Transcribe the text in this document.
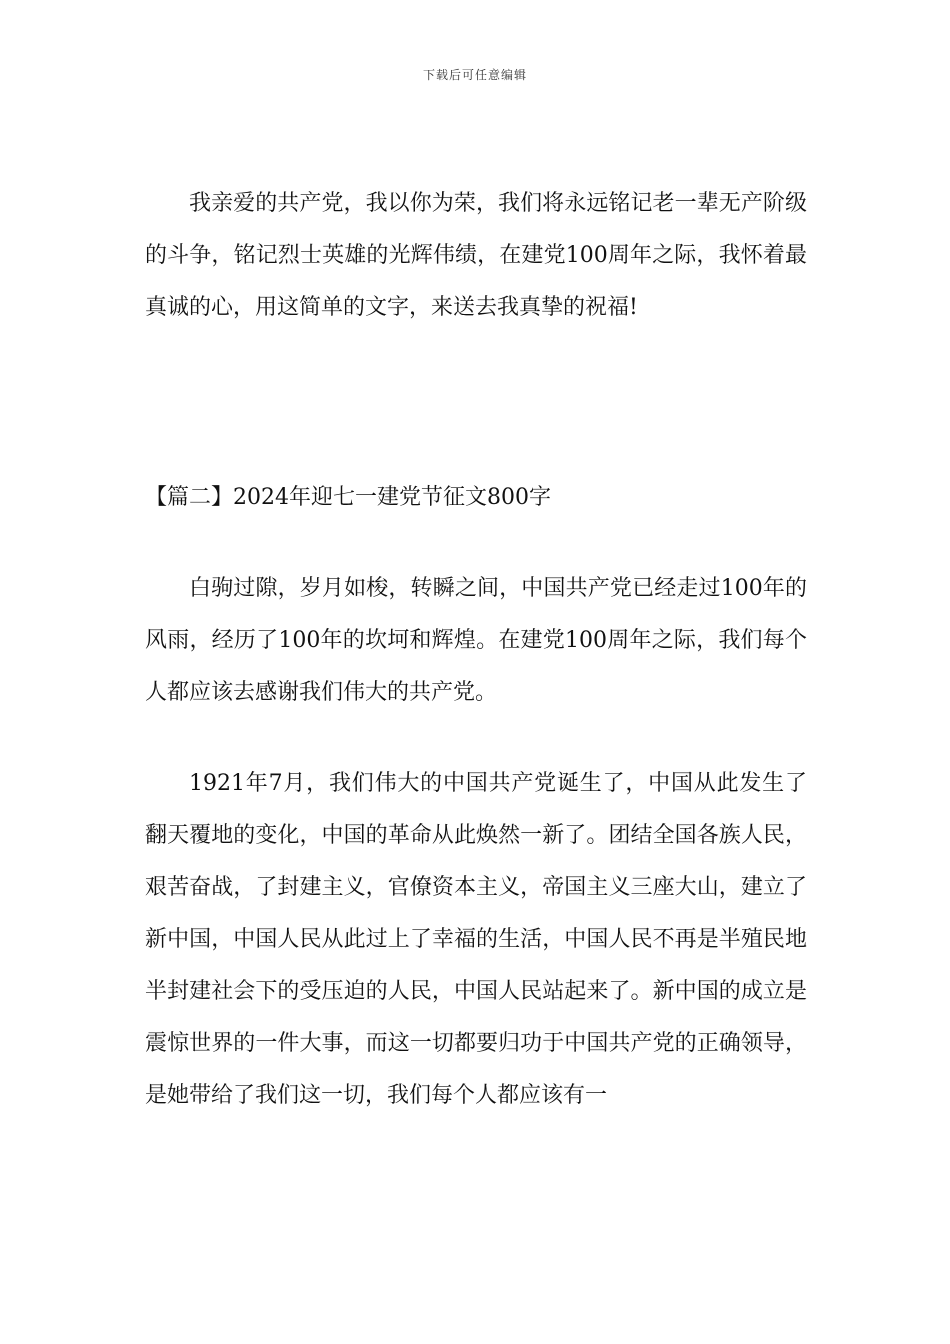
下载后可任意编辑

我亲爱的共产党，我以你为荣，我们将永远铭记老一辈无产阶级的斗争，铭记烈士英雄的光辉伟绩，在建党100周年之际，我怀着最真诚的心，用这简单的文字，来送去我真挚的祝福!

【篇二】2024年迎七一建党节征文800字

白驹过隙，岁月如梭，转瞬之间，中国共产党已经走过100年的风雨，经历了100年的坎坷和辉煌。在建党100周年之际，我们每个人都应该去感谢我们伟大的共产党。

1921年7月，我们伟大的中国共产党诞生了，中国从此发生了翻天覆地的变化，中国的革命从此焕然一新了。团结全国各族人民，艰苦奋战，了封建主义，官僚资本主义，帝国主义三座大山，建立了新中国，中国人民从此过上了幸福的生活，中国人民不再是半殖民地半封建社会下的受压迫的人民，中国人民站起来了。新中国的成立是震惊世界的一件大事，而这一切都要归功于中国共产党的正确领导，是她带给了我们这一切，我们每个人都应该有一
